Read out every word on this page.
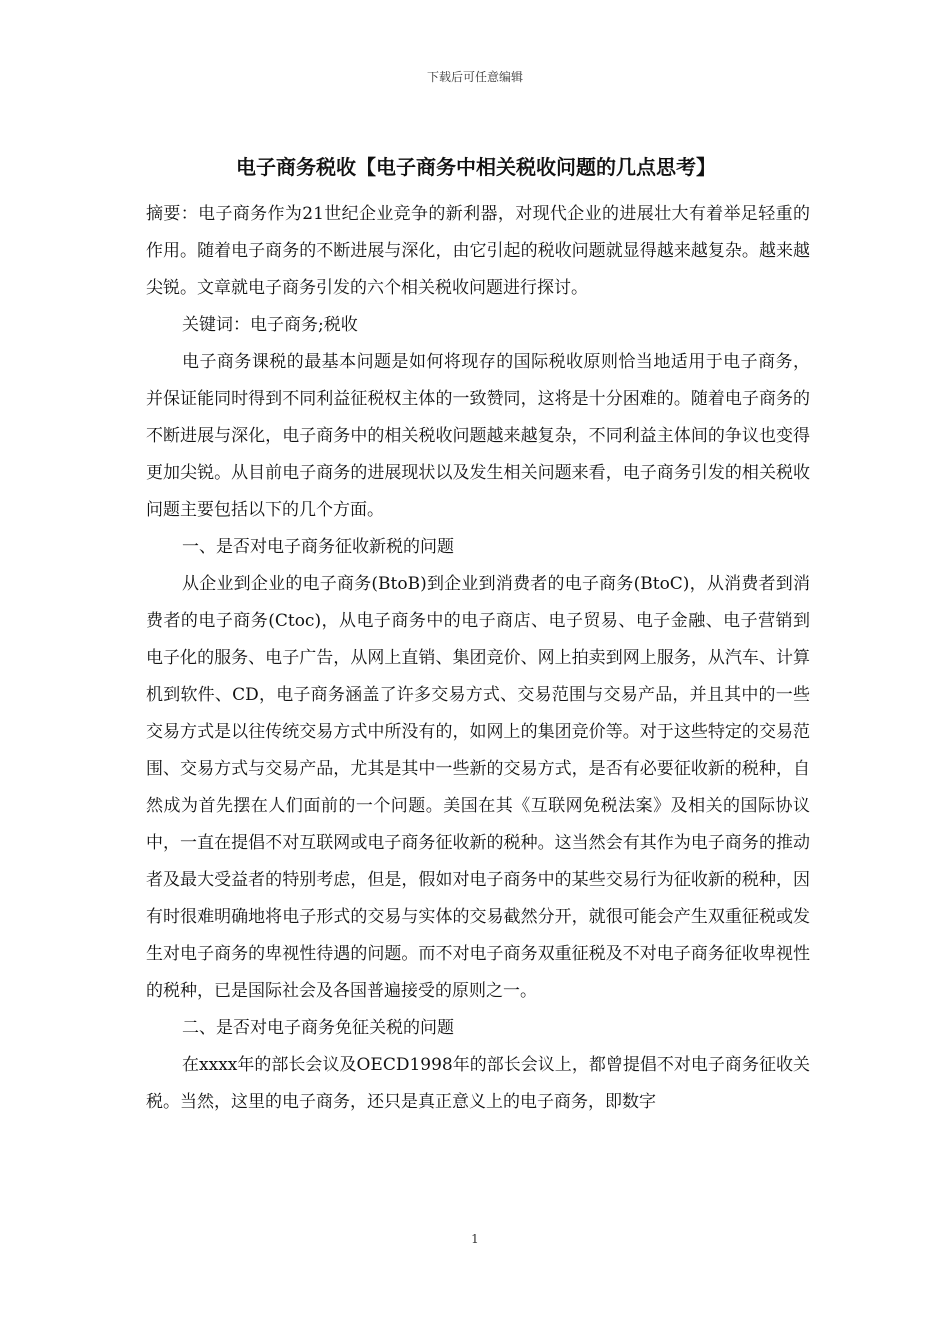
下载后可任意编辑
电子商务税收【电子商务中相关税收问题的几点思考】

摘要：电子商务作为21世纪企业竞争的新利器，对现代企业的进展壮大有着举足轻重的作用。随着电子商务的不断进展与深化，由它引起的税收问题就显得越来越复杂。越来越尖锐。文章就电子商务引发的六个相关税收问题进行探讨。

关键词：电子商务;税收

电子商务课税的最基本问题是如何将现存的国际税收原则恰当地适用于电子商务，并保证能同时得到不同利益征税权主体的一致赞同，这将是十分困难的。随着电子商务的不断进展与深化，电子商务中的相关税收问题越来越复杂，不同利益主体间的争议也变得更加尖锐。从目前电子商务的进展现状以及发生相关问题来看，电子商务引发的相关税收问题主要包括以下的几个方面。

一、是否对电子商务征收新税的问题

从企业到企业的电子商务(BtoB)到企业到消费者的电子商务(BtoC)，从消费者到消费者的电子商务(Ctoc)，从电子商务中的电子商店、电子贸易、电子金融、电子营销到电子化的服务、电子广告，从网上直销、集团竞价、网上拍卖到网上服务，从汽车、计算机到软件、CD，电子商务涵盖了许多交易方式、交易范围与交易产品，并且其中的一些交易方式是以往传统交易方式中所没有的，如网上的集团竞价等。对于这些特定的交易范围、交易方式与交易产品，尤其是其中一些新的交易方式，是否有必要征收新的税种，自然成为首先摆在人们面前的一个问题。美国在其《互联网免税法案》及相关的国际协议中，一直在提倡不对互联网或电子商务征收新的税种。这当然会有其作为电子商务的推动者及最大受益者的特别考虑，但是，假如对电子商务中的某些交易行为征收新的税种，因有时很难明确地将电子形式的交易与实体的交易截然分开，就很可能会产生双重征税或发生对电子商务的卑视性待遇的问题。而不对电子商务双重征税及不对电子商务征收卑视性的税种，已是国际社会及各国普遍接受的原则之一。

二、是否对电子商务免征关税的问题

在xxxx年的部长会议及OECD1998年的部长会议上，都曾提倡不对电子商务征收关税。当然，这里的电子商务，还只是真正意义上的电子商务，即数字

1
